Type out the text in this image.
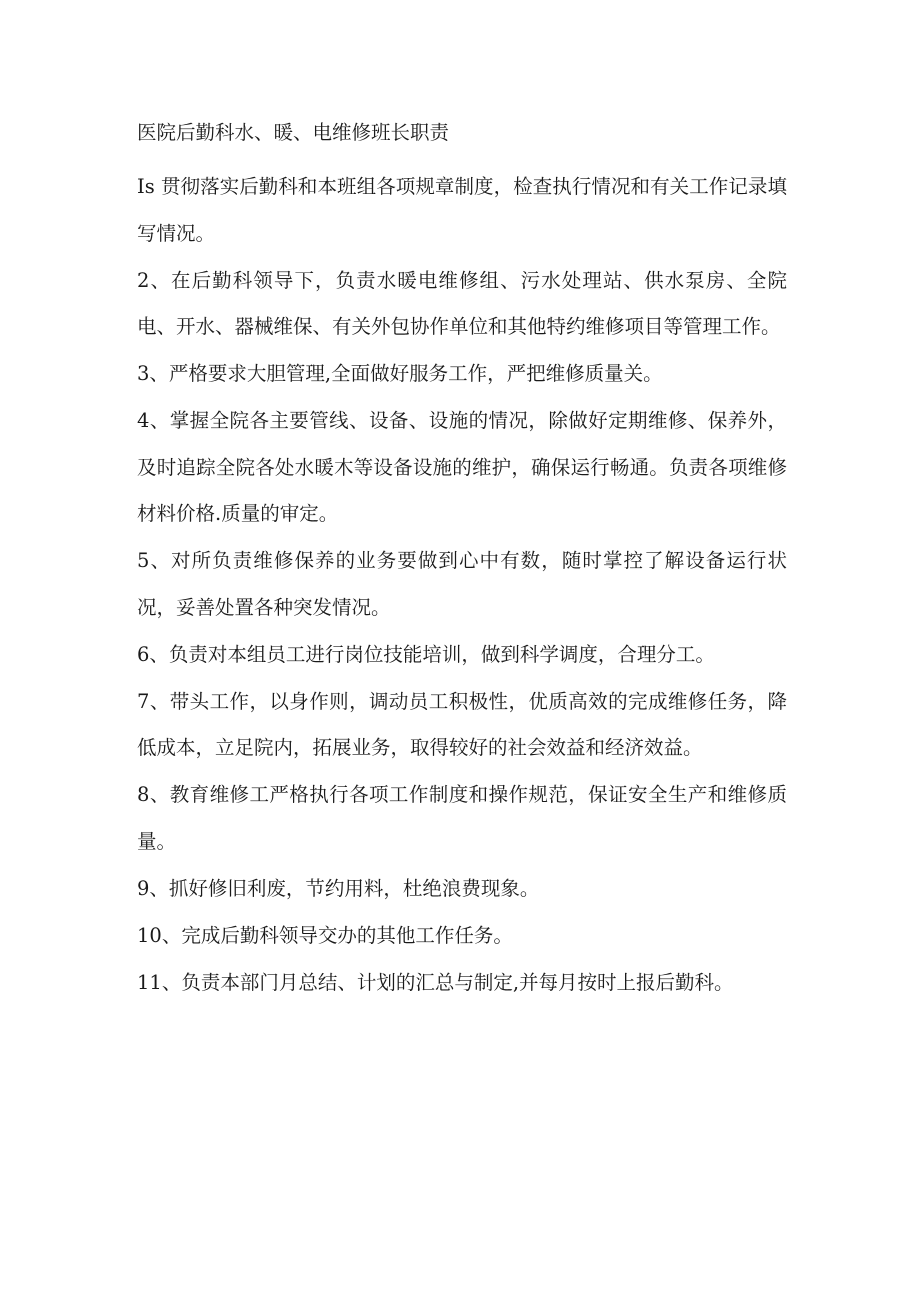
医院后勤科水、暖、电维修班长职责
Is 贯彻落实后勤科和本班组各项规章制度，检查执行情况和有关工作记录填写情况。
2、在后勤科领导下，负责水暖电维修组、污水处理站、供水泵房、全院电、开水、器械维保、有关外包协作单位和其他特约维修项目等管理工作。
3、严格要求大胆管理,全面做好服务工作，严把维修质量关。
4、掌握全院各主要管线、设备、设施的情况，除做好定期维修、保养外，及时追踪全院各处水暖木等设备设施的维护，确保运行畅通。负责各项维修材料价格.质量的审定。
5、对所负责维修保养的业务要做到心中有数，随时掌控了解设备运行状况，妥善处置各种突发情况。
6、负责对本组员工进行岗位技能培训，做到科学调度，合理分工。
7、带头工作，以身作则，调动员工积极性，优质高效的完成维修任务，降低成本，立足院内，拓展业务，取得较好的社会效益和经济效益。
8、教育维修工严格执行各项工作制度和操作规范，保证安全生产和维修质量。
9、抓好修旧利废，节约用料，杜绝浪费现象。
10、完成后勤科领导交办的其他工作任务。
11、负责本部门月总结、计划的汇总与制定,并每月按时上报后勤科。
